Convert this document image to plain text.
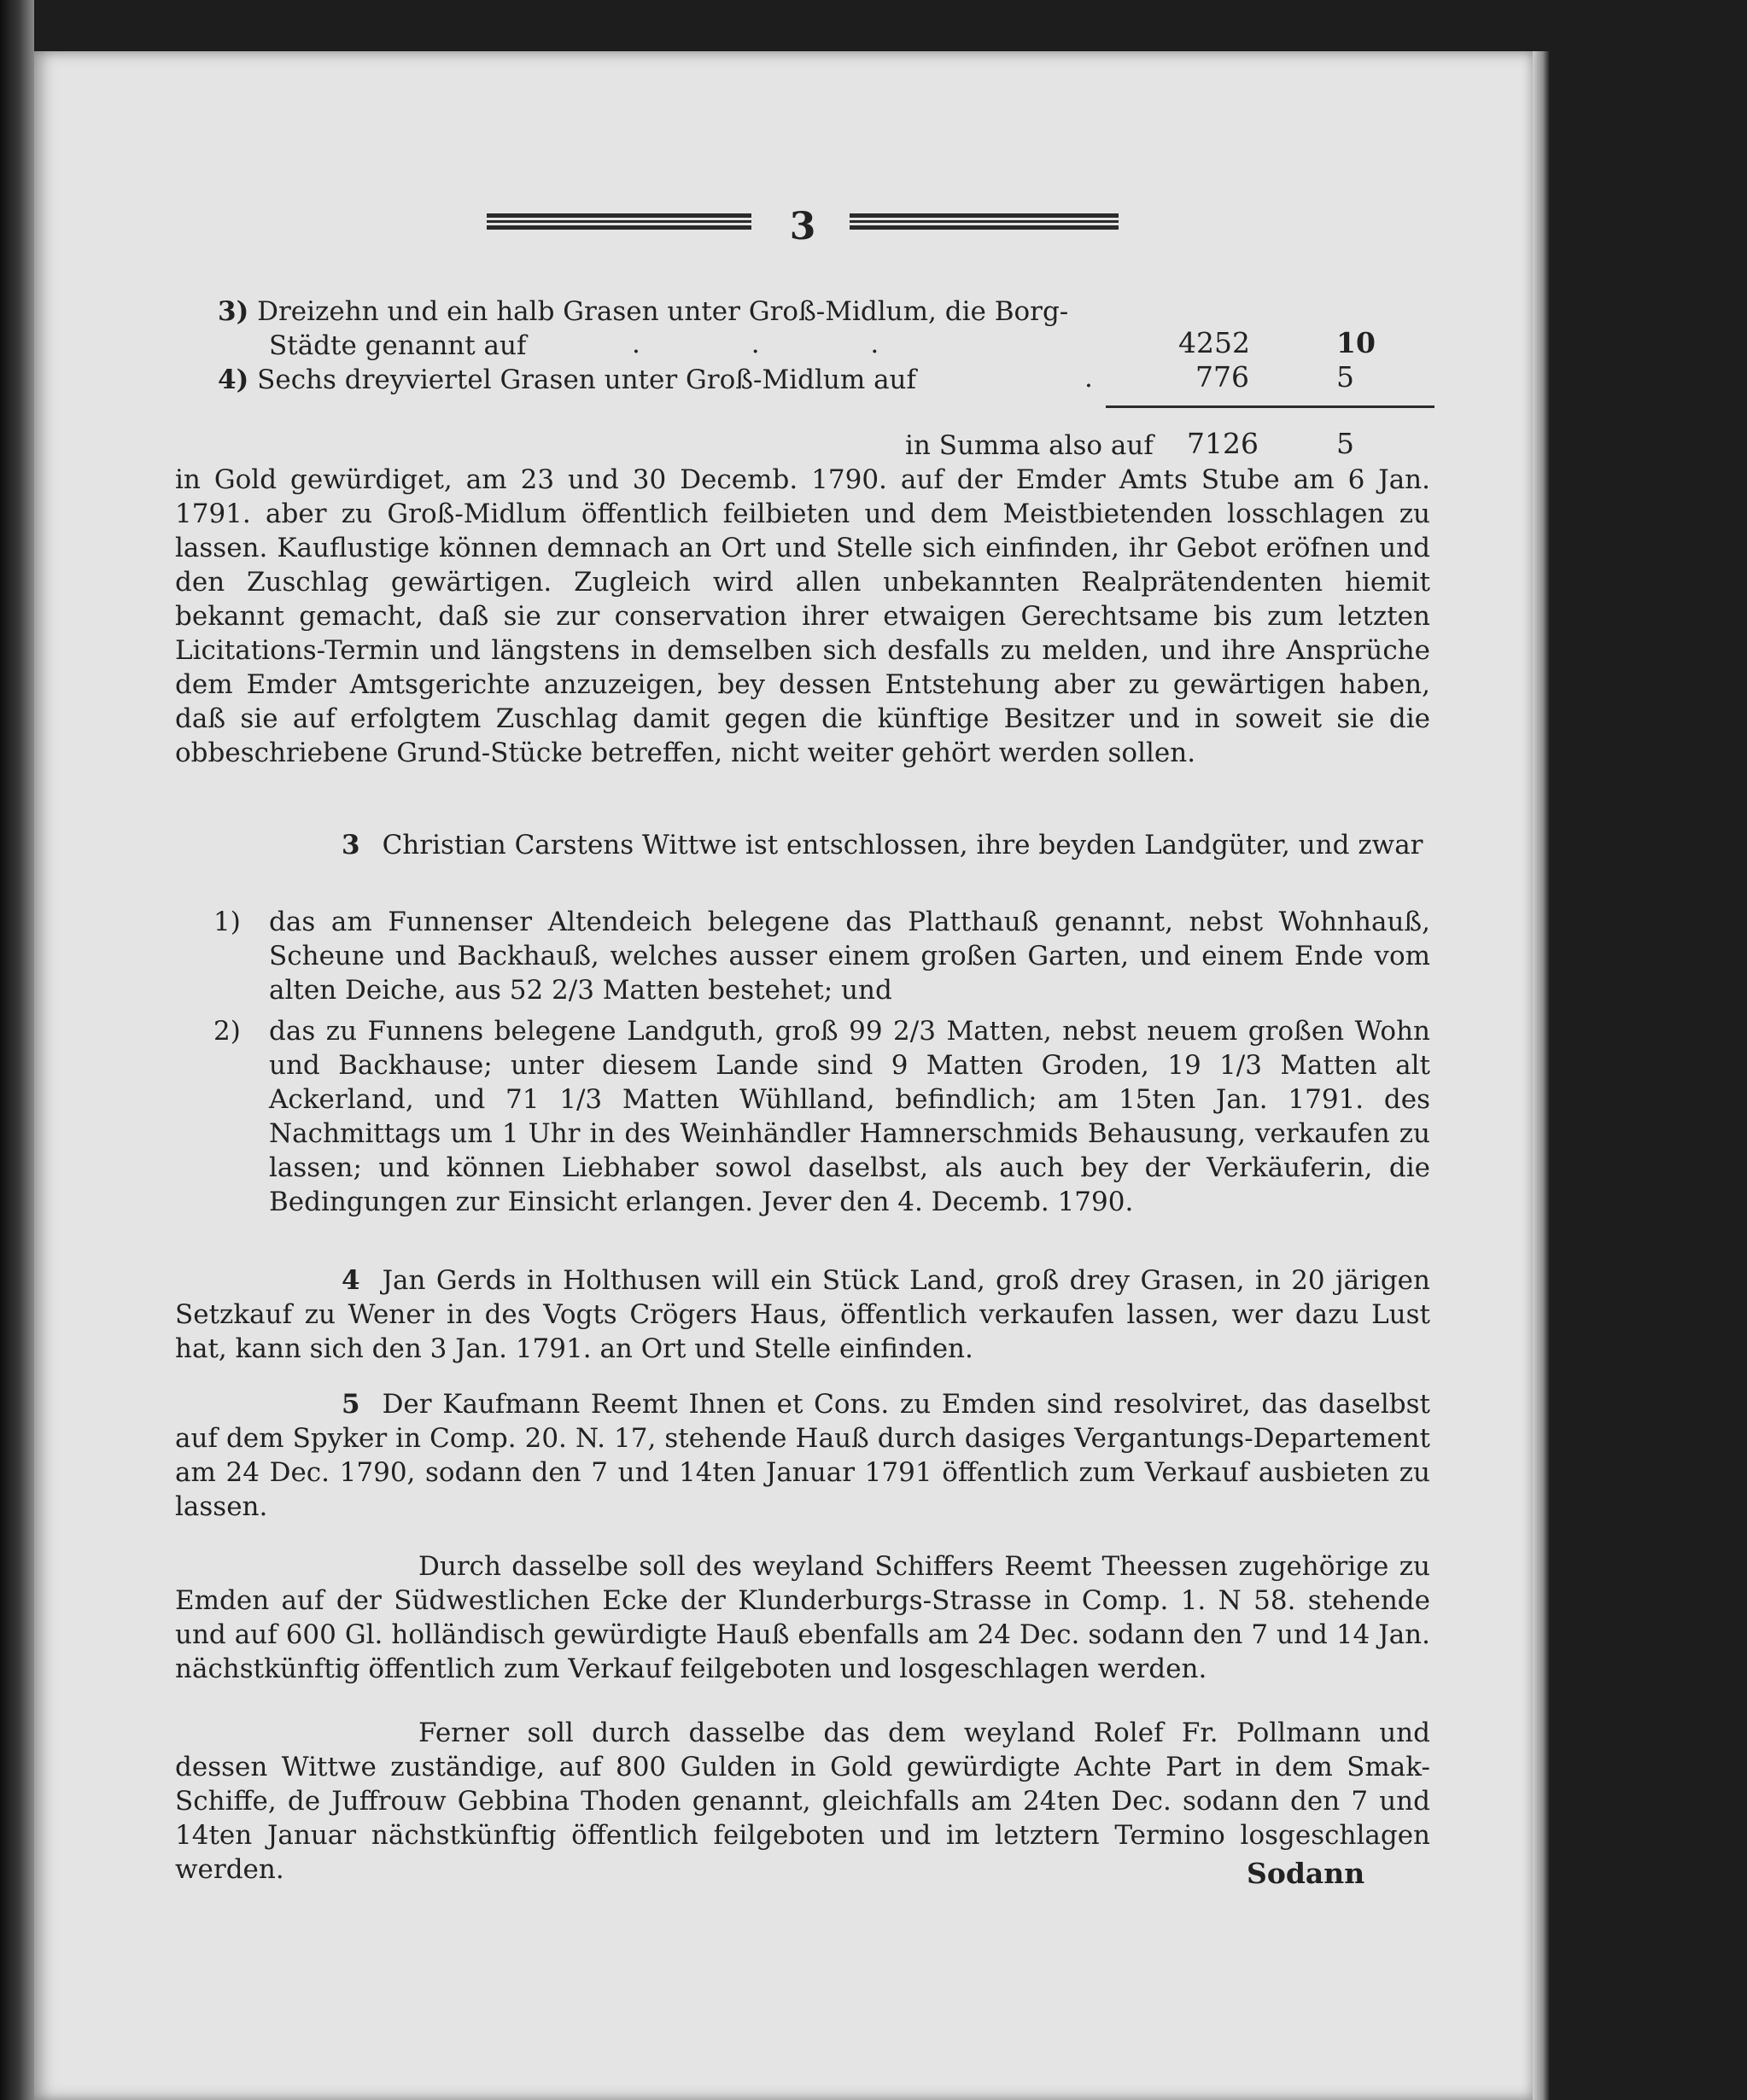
3
3) Dreizehn und ein halb Grasen unter Groß-Midlum, die Borg-
Städte genannt auf	. . .	4252	10
4) Sechs dreyviertel Grasen unter Groß-Midlum auf	. 776	5
in Summa also auf 7126	5
in Gold gewürdiget, am 23 und 30 Decemb. 1790. auf der Emder Amts Stube am 6 Jan. 1791. aber zu Groß-Midlum öffentlich feilbieten und dem Meistbietenden losschlagen zu lassen. Kauflustige können demnach an Ort und Stelle sich einfinden, ihr Gebot eröfnen und den Zuschlag gewärtigen. Zugleich wird allen unbekannten Realprätendenten hiemit bekannt gemacht, daß sie zur conservation ihrer etwaigen Gerechtsame bis zum letzten Licitations-Termin und längstens in demselben sich desfalls zu melden, und ihre Ansprüche dem Emder Amtsgerichte anzuzeigen, bey dessen Entstehung aber zu gewärtigen haben, daß sie auf erfolgtem Zuschlag damit gegen die künftige Besitzer und in soweit sie die obbeschriebene Grund-Stücke betreffen, nicht weiter gehört werden sollen.
3 Christian Carstens Wittwe ist entschlossen, ihre beyden Landgüter, und zwar
1) das am Funnenser Altendeich belegene das Platthauß genannt, nebst Wohnhauß, Scheune und Backhauß, welches ausser einem großen Garten, und einem Ende vom alten Deiche, aus 52 2/3 Matten bestehet; und
2) das zu Funnens belegene Landguth, groß 99 2/3 Matten, nebst neuem großen Wohn und Backhause; unter diesem Lande sind 9 Matten Groden, 19 1/3 Matten alt Ackerland, und 71 1/3 Matten Wühlland, befindlich; am 15ten Jan. 1791. des Nachmittags um 1 Uhr in des Weinhändler Hamnerschmids Behausung, verkaufen zu lassen; und können Liebhaber sowol daselbst, als auch bey der Verkäuferin, die Bedingungen zur Einsicht erlangen. Jever den 4. Decemb. 1790.
4 Jan Gerds in Holthusen will ein Stück Land, groß drey Grasen, in 20 järigen Setzkauf zu Wener in des Vogts Crögers Haus, öffentlich verkaufen lassen, wer dazu Lust hat, kann sich den 3 Jan. 1791. an Ort und Stelle einfinden.
5 Der Kaufmann Reemt Ihnen et Cons. zu Emden sind resolviret, das daselbst auf dem Spyker in Comp. 20. N. 17, stehende Hauß durch dasiges Vergantungs-Departement am 24 Dec. 1790, sodann den 7 und 14ten Januar 1791 öffentlich zum Verkauf ausbieten zu lassen.
Durch dasselbe soll des weyland Schiffers Reemt Theessen zugehörige zu Emden auf der Südwestlichen Ecke der Klunderburgs-Strasse in Comp. 1. N 58. stehende und auf 600 Gl. holländisch gewürdigte Hauß ebenfalls am 24 Dec. sodann den 7 und 14 Jan. nächstkünftig öffentlich zum Verkauf feilgeboten und losgeschlagen werden.
Ferner soll durch dasselbe das dem weyland Rolef Fr. Pollmann und dessen Wittwe zuständige, auf 800 Gulden in Gold gewürdigte Achte Part in dem Smak-Schiffe, de Juffrouw Gebbina Thoden genannt, gleichfalls am 24ten Dec. sodann den 7 und 14ten Januar nächstkünftig öffentlich feilgeboten und im letztern Termino losgeschlagen werden.	Sodann
